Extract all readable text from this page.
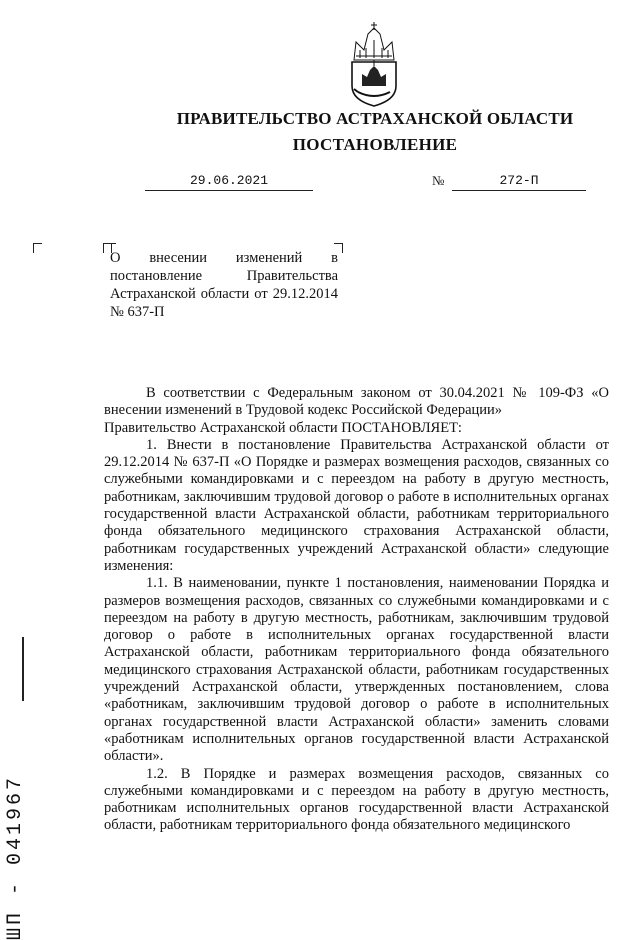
ПРАВИТЕЛЬСТВО АСТРАХАНСКОЙ ОБЛАСТИ
ПОСТАНОВЛЕНИЕ
29.06.2021	№	272-П
О внесении изменений в постановление Правительства Астраханской области от 29.12.2014 № 637-П

В соответствии с Федеральным законом от 30.04.2021 № 109-ФЗ «О внесении изменений в Трудовой кодекс Российской Федерации»

Правительство Астраханской области ПОСТАНОВЛЯЕТ:

1. Внести в постановление Правительства Астраханской области от 29.12.2014 № 637-П «О Порядке и размерах возмещения расходов, связанных со служебными командировками и с переездом на работу в другую местность, работникам, заключившим трудовой договор о работе в исполнительных органах государственной власти Астраханской области, работникам территориального фонда обязательного медицинского страхования Астраханской области, работникам государственных учреждений Астраханской области» следующие изменения:

1.1. В наименовании, пункте 1 постановления, наименовании Порядка и размеров возмещения расходов, связанных со служебными командировками и с переездом на работу в другую местность, работникам, заключившим трудовой договор о работе в исполнительных органах государственной власти Астраханской области, работникам территориального фонда обязательного медицинского страхования Астраханской области, работникам государственных учреждений Астраханской области, утвержденных постановлением, слова «работникам, заключившим трудовой договор о работе в исполнительных органах государственной власти Астраханской области» заменить словами «работникам исполнительных органов государственной власти Астраханской области».

1.2. В Порядке и размерах возмещения расходов, связанных со служебными командировками и с переездом на работу в другую местность, работникам исполнительных органов государственной власти Астраханской области, работникам территориального фонда обязательного медицинского

ШП - 041967
